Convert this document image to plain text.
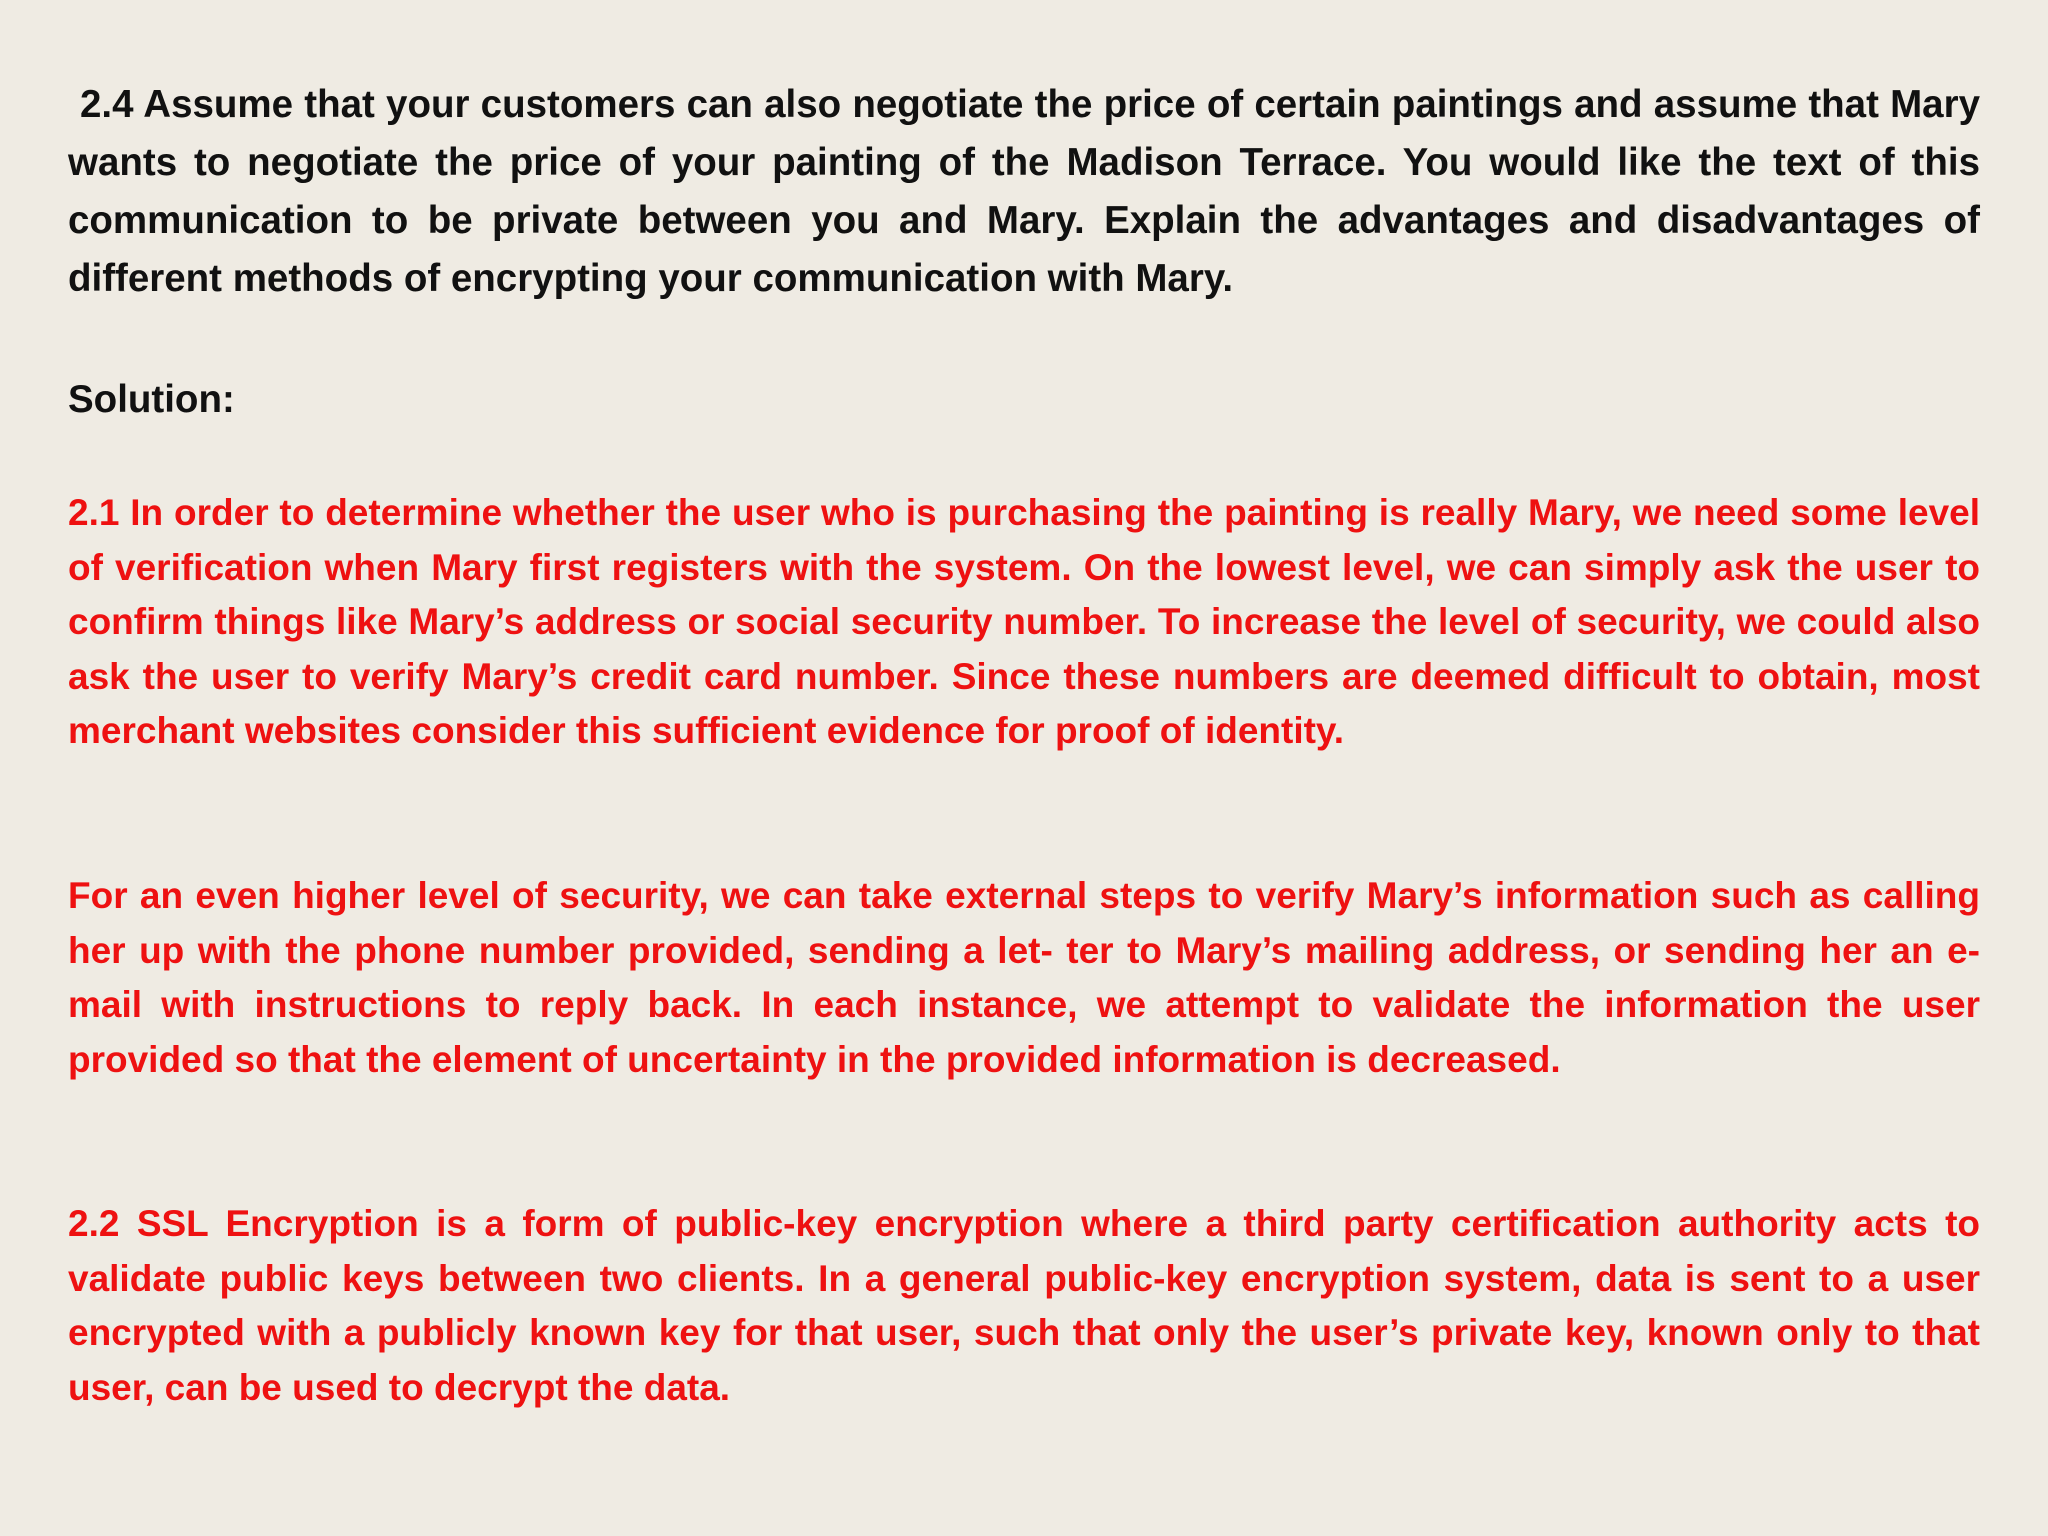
2.4 Assume that your customers can also negotiate the price of certain paintings and assume that Mary wants to negotiate the price of your painting of the Madison Terrace. You would like the text of this communication to be private between you and Mary. Explain the advantages and disadvantages of different methods of encrypting your communication with Mary.

Solution:

2.1 In order to determine whether the user who is purchasing the painting is really Mary, we need some level of verification when Mary first registers with the system. On the lowest level, we can simply ask the user to confirm things like Mary’s address or social security number. To increase the level of security, we could also ask the user to verify Mary’s credit card number. Since these numbers are deemed difficult to obtain, most merchant websites consider this sufficient evidence for proof of identity.

For an even higher level of security, we can take external steps to verify Mary’s information such as calling her up with the phone number provided, sending a let- ter to Mary’s mailing address, or sending her an e-mail with instructions to reply back. In each instance, we attempt to validate the information the user provided so that the element of uncertainty in the provided information is decreased.

2.2 SSL Encryption is a form of public-key encryption where a third party certification authority acts to validate public keys between two clients. In a general public-key encryption system, data is sent to a user encrypted with a publicly known key for that user, such that only the user’s private key, known only to that user, can be used to decrypt the data.
